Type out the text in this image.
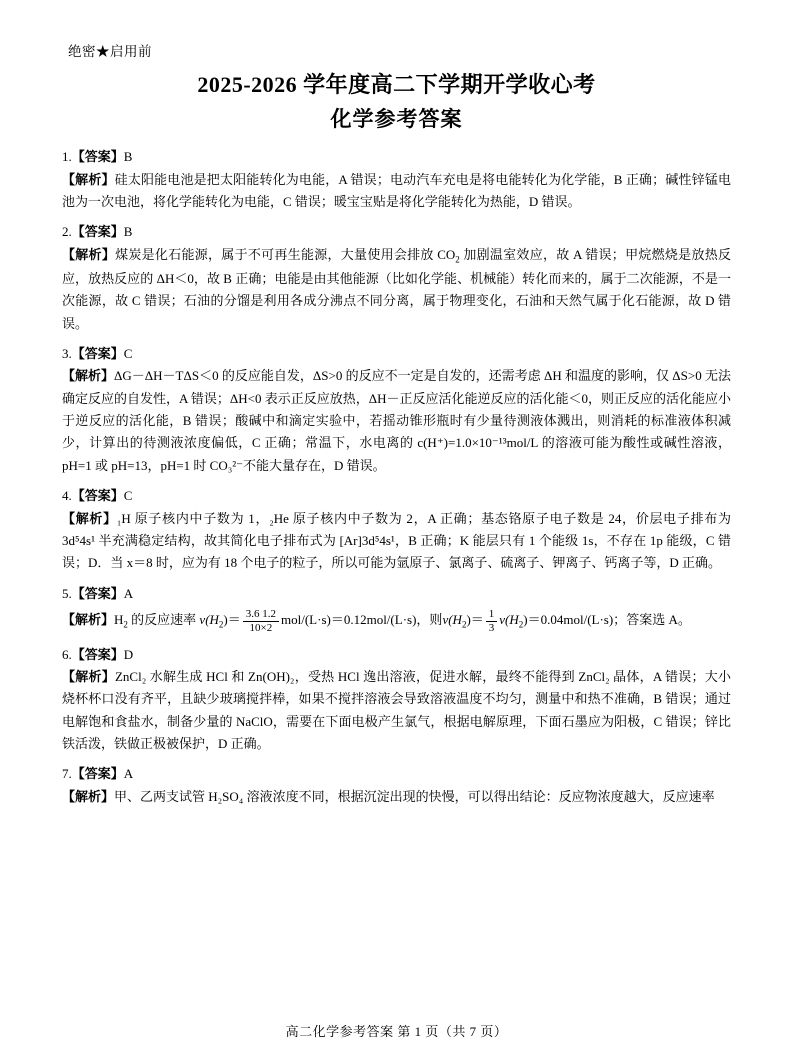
绝密★启用前
2025-2026 学年度高二下学期开学收心考
化学参考答案
1.【答案】B
【解析】硅太阳能电池是把太阳能转化为电能，A 错误；电动汽车充电是将电能转化为化学能，B 正确；碱性锌锰电池为一次电池，将化学能转化为电能，C 错误；暖宝宝贴是将化学能转化为热能，D 错误。
2.【答案】B
【解析】煤炭是化石能源，属于不可再生能源，大量使用会排放 $CO_2$ 加剧温室效应，故 A 错误；甲烷燃烧是放热反应，放热反应的 ΔH＜0，故 B 正确；电能是由其他能源（比如化学能、机械能）转化而来的，属于二次能源，不是一次能源，故 C 错误；石油的分馏是利用各成分沸点不同分离，属于物理变化，石油和天然气属于化石能源，故 D 错误。
3.【答案】C
【解析】ΔG－ΔH－TΔS＜0 的反应能自发，ΔS>0 的反应不一定是自发的，还需考虑 ΔH 和温度的影响，仅 ΔS>0 无法确定反应的自发性，A 错误；ΔH<0 表示正反应放热，ΔH－正反应活化能逆反应的活化能＜0，则正反应的活化能应小于逆反应的活化能，B 错误；酸碱中和滴定实验中，若摇动锥形瓶时有少量待测液体溅出，则消耗的标准液体积减少，计算出的待测液浓度偏低，C 正确；常温下，水电离的 c(H⁺)=1.0×10⁻¹³mol/L 的溶液可能为酸性或碱性溶液，pH=1 或 pH=13，pH=1 时 CO₃²⁻不能大量存在，D 错误。
4.【答案】C
【解析】₁H 原子核内中子数为 1，₂He 原子核内中子数为 2，A 正确；基态铬原子电子数是 24，价层电子排布为 3d⁵4s¹ 半充满稳定结构，故其简化电子排布式为 [Ar]3d⁵4s¹，B 正确；K 能层只有 1 个能级 1s，不存在 1p 能级，C 错误；D．当 x＝8 时，应为有 18 个电子的粒子，所以可能为氩原子、氯离子、硫离子、钾离子、钙离子等，D 正确。
5.【答案】A
【解析】$H_2$ 的反应速率 $v(H_2)= \frac{3.6 1.2}{10\times 2} mol/(L\cdot s)=0.12mol/(L\cdot s)$，则$v(H_2)= \frac{1}{3} v(H_2)=0.04mol/(L\cdot s)$；答案选 A。
6.【答案】D
【解析】ZnCl₂ 水解生成 HCl 和 Zn(OH)₂，受热 HCl 逸出溶液，促进水解，最终不能得到 ZnCl₂ 晶体，A 错误；大小烧杯杯口没有齐平，且缺少玻璃搅拌棒，如果不搅拌溶液会导致溶液温度不均匀，测量中和热不准确，B 错误；通过电解饱和食盐水，制备少量的 NaClO，需要在下面电极产生氯气，根据电解原理，下面石墨应为阳极，C 错误；锌比铁活泼，铁做正极被保护，D 正确。
7.【答案】A
【解析】甲、乙两支试管 H₂SO₄ 溶液浓度不同，根据沉淀出现的快慢，可以得出结论：反应物浓度越大，反应速率
高二化学参考答案 第 1 页（共 7 页）
